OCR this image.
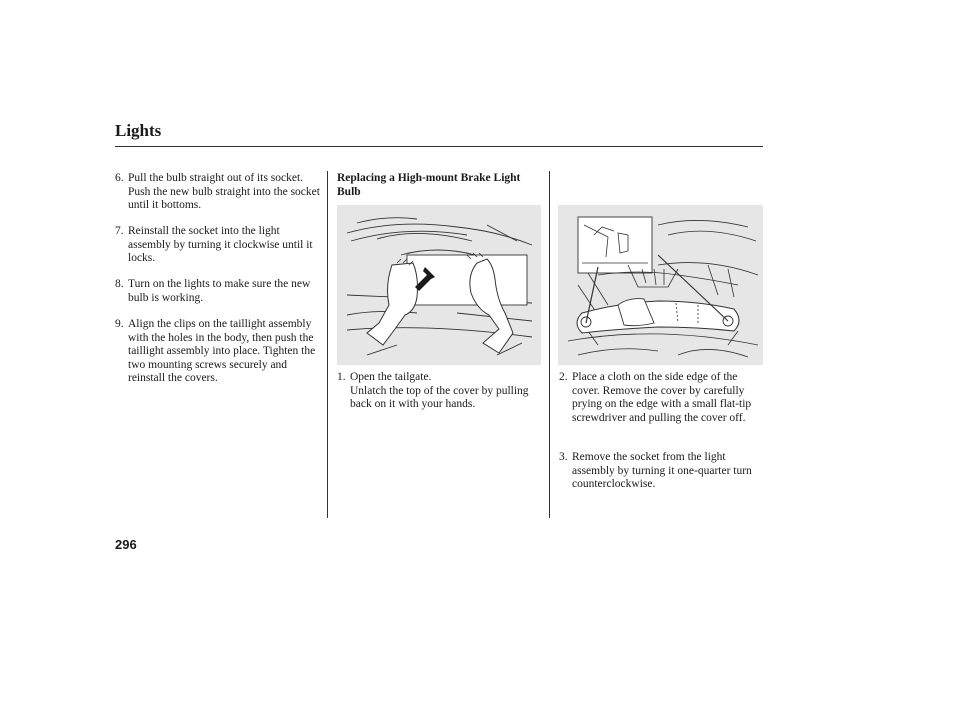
Lights
6. Pull the bulb straight out of its socket. Push the new bulb straight into the socket until it bottoms.
7. Reinstall the socket into the light assembly by turning it clockwise until it locks.
8. Turn on the lights to make sure the new bulb is working.
9. Align the clips on the taillight assembly with the holes in the body, then push the taillight assembly into place. Tighten the two mounting screws securely and reinstall the covers.
Replacing a High-mount Brake Light Bulb
1. Open the tailgate.
Unlatch the top of the cover by pulling back on it with your hands.
2. Place a cloth on the side edge of the cover. Remove the cover by carefully prying on the edge with a small flat-tip screwdriver and pulling the cover off.
3. Remove the socket from the light assembly by turning it one-quarter turn counterclockwise.
296
